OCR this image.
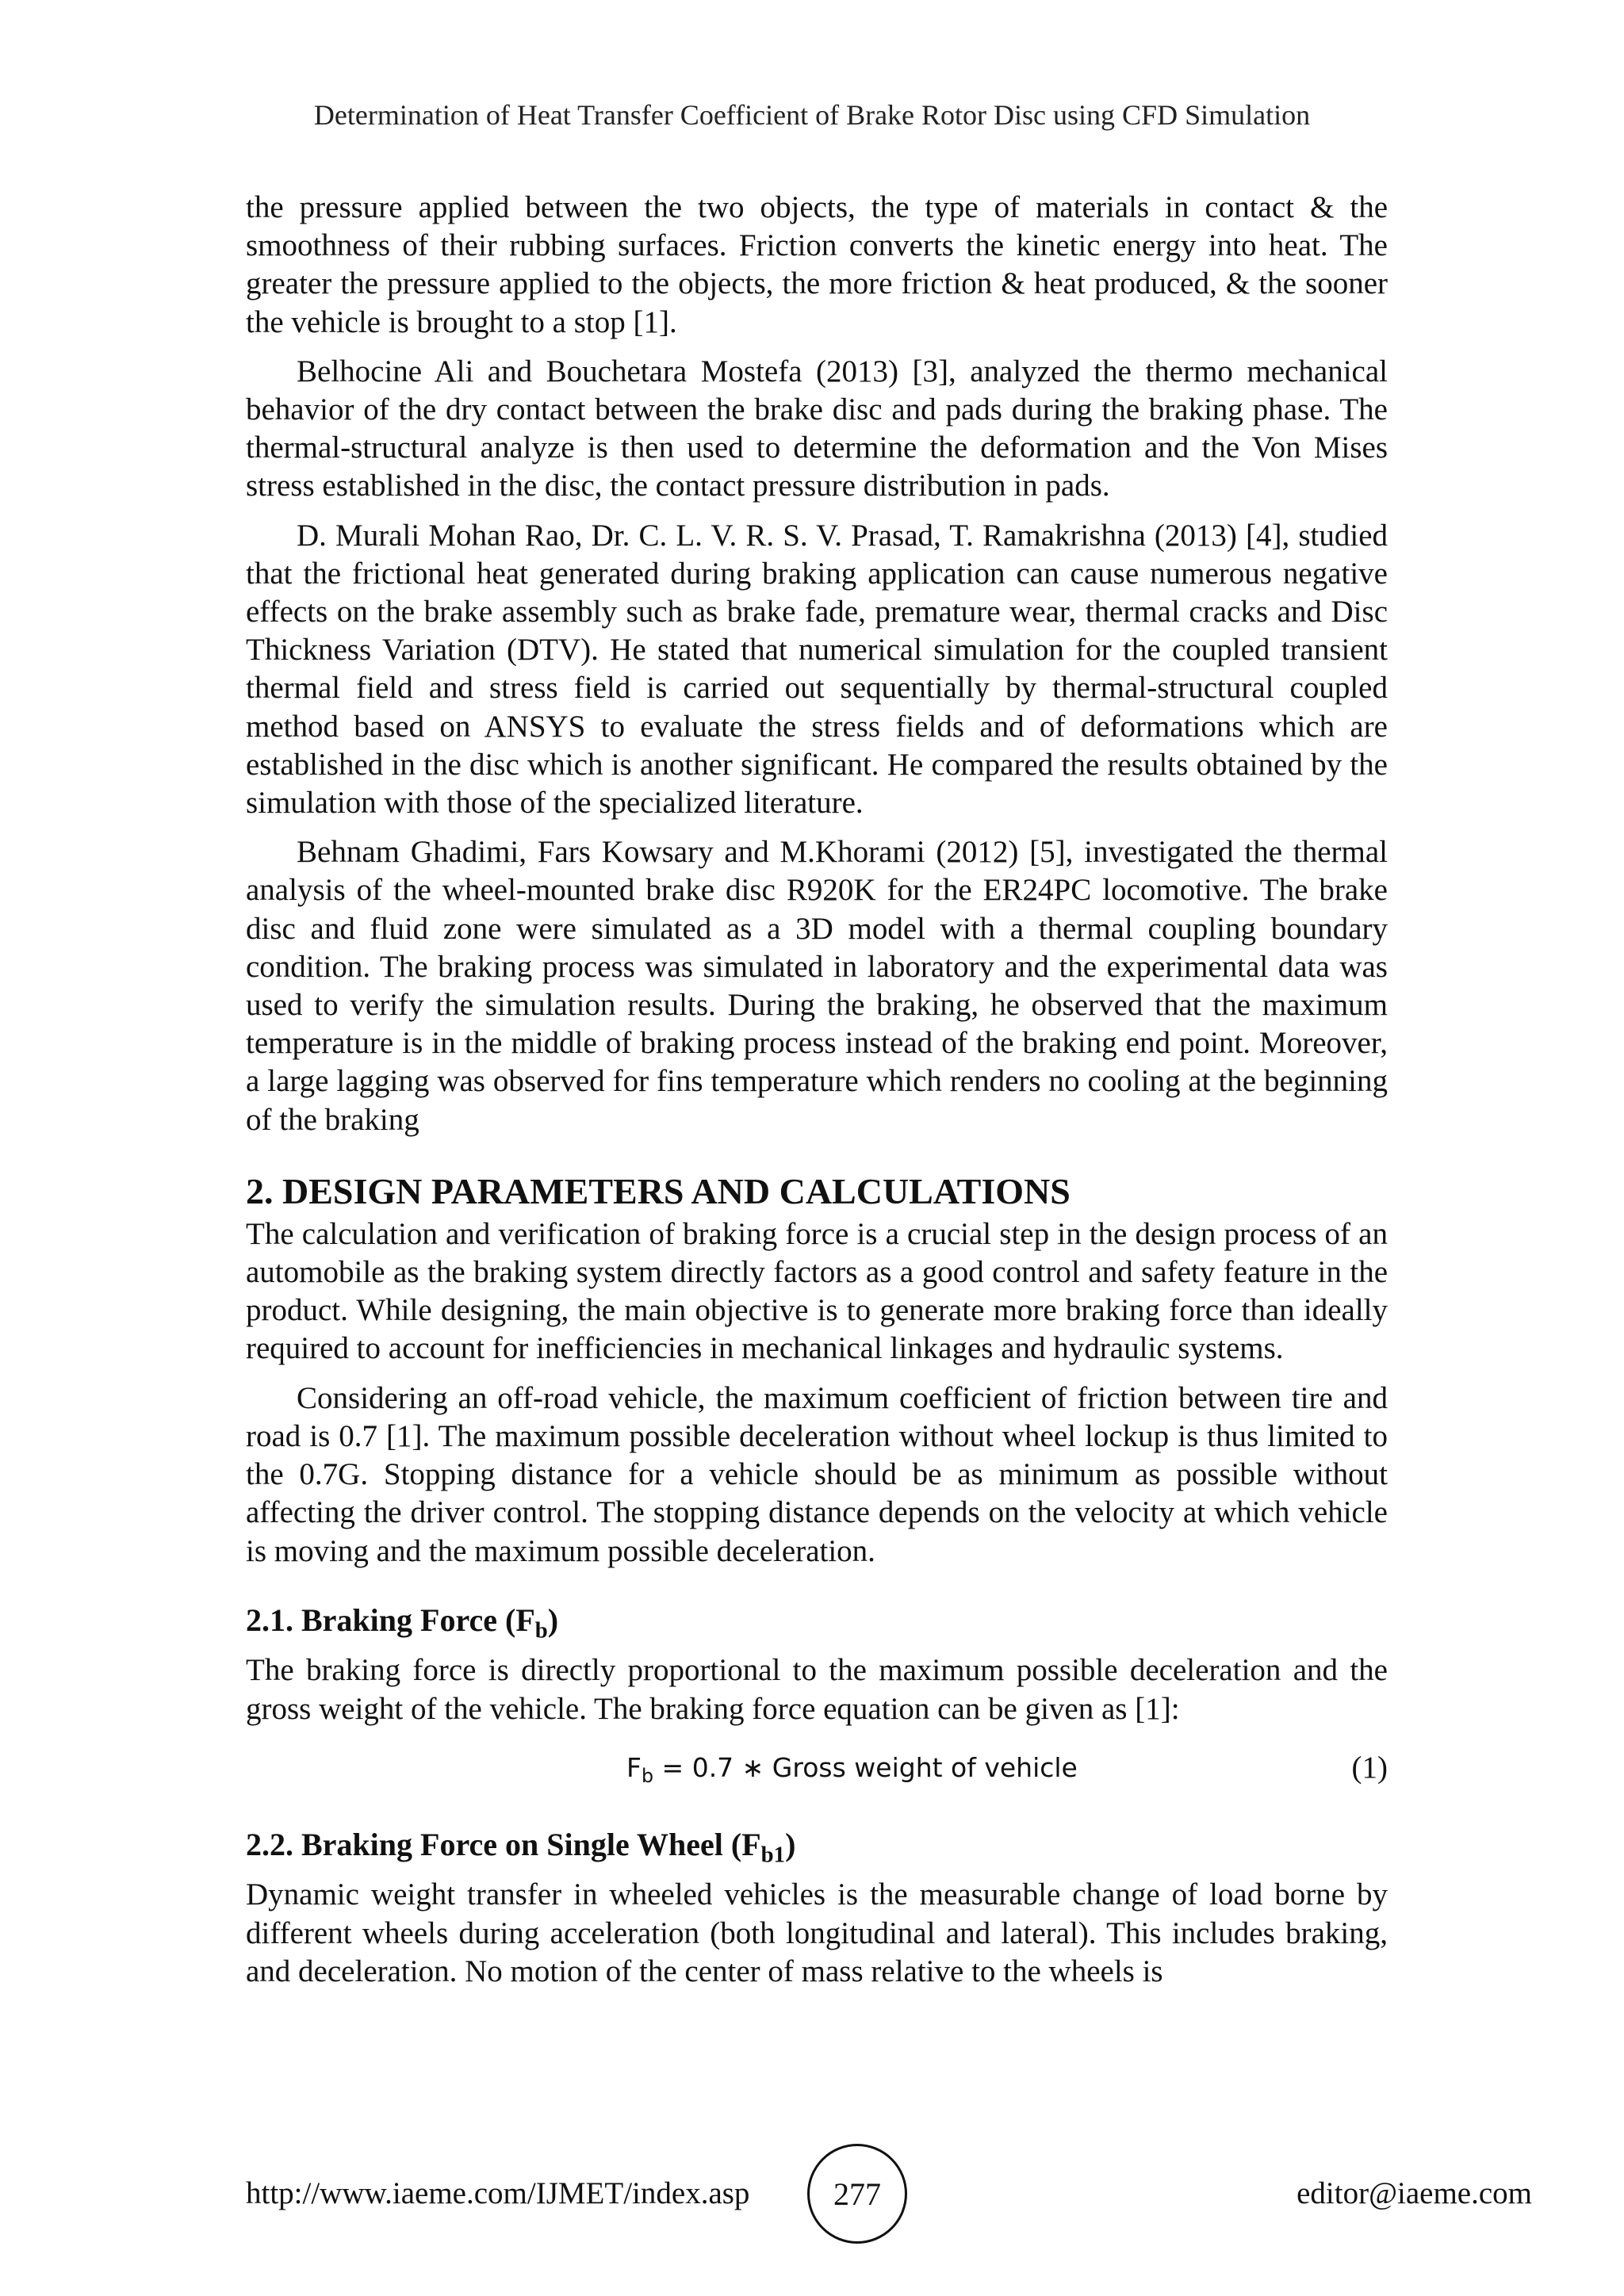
Determination of Heat Transfer Coefficient of Brake Rotor Disc using CFD Simulation

the pressure applied between the two objects, the type of materials in contact & the smoothness of their rubbing surfaces. Friction converts the kinetic energy into heat. The greater the pressure applied to the objects, the more friction & heat produced, & the sooner the vehicle is brought to a stop [1].

Belhocine Ali and Bouchetara Mostefa (2013) [3], analyzed the thermo mechanical behavior of the dry contact between the brake disc and pads during the braking phase. The thermal-structural analyze is then used to determine the deformation and the Von Mises stress established in the disc, the contact pressure distribution in pads.

D. Murali Mohan Rao, Dr. C. L. V. R. S. V. Prasad, T. Ramakrishna (2013) [4], studied that the frictional heat generated during braking application can cause numerous negative effects on the brake assembly such as brake fade, premature wear, thermal cracks and Disc Thickness Variation (DTV). He stated that numerical simulation for the coupled transient thermal field and stress field is carried out sequentially by thermal-structural coupled method based on ANSYS to evaluate the stress fields and of deformations which are established in the disc which is another significant. He compared the results obtained by the simulation with those of the specialized literature.

Behnam Ghadimi, Fars Kowsary and M.Khorami (2012) [5], investigated the thermal analysis of the wheel-mounted brake disc R920K for the ER24PC locomotive. The brake disc and fluid zone were simulated as a 3D model with a thermal coupling boundary condition. The braking process was simulated in laboratory and the experimental data was used to verify the simulation results. During the braking, he observed that the maximum temperature is in the middle of braking process instead of the braking end point. Moreover, a large lagging was observed for fins temperature which renders no cooling at the beginning of the braking

2. DESIGN PARAMETERS AND CALCULATIONS

The calculation and verification of braking force is a crucial step in the design process of an automobile as the braking system directly factors as a good control and safety feature in the product. While designing, the main objective is to generate more braking force than ideally required to account for inefficiencies in mechanical linkages and hydraulic systems.

Considering an off-road vehicle, the maximum coefficient of friction between tire and road is 0.7 [1]. The maximum possible deceleration without wheel lockup is thus limited to the 0.7G. Stopping distance for a vehicle should be as minimum as possible without affecting the driver control. The stopping distance depends on the velocity at which vehicle is moving and the maximum possible deceleration.

2.1. Braking Force $(F_b)$

The braking force is directly proportional to the maximum possible deceleration and the gross weight of the vehicle. The braking force equation can be given as [1]:

$F_b = 0.7$ ∗ Gross weight of vehicle	(1)
2.2. Braking Force on Single Wheel $(F_{b1})$

Dynamic weight transfer in wheeled vehicles is the measurable change of load borne by different wheels during acceleration (both longitudinal and lateral). This includes braking, and deceleration. No motion of the center of mass relative to the wheels is

http://www.iaeme.com/IJMET/index.asp	277	editor@iaeme.com
